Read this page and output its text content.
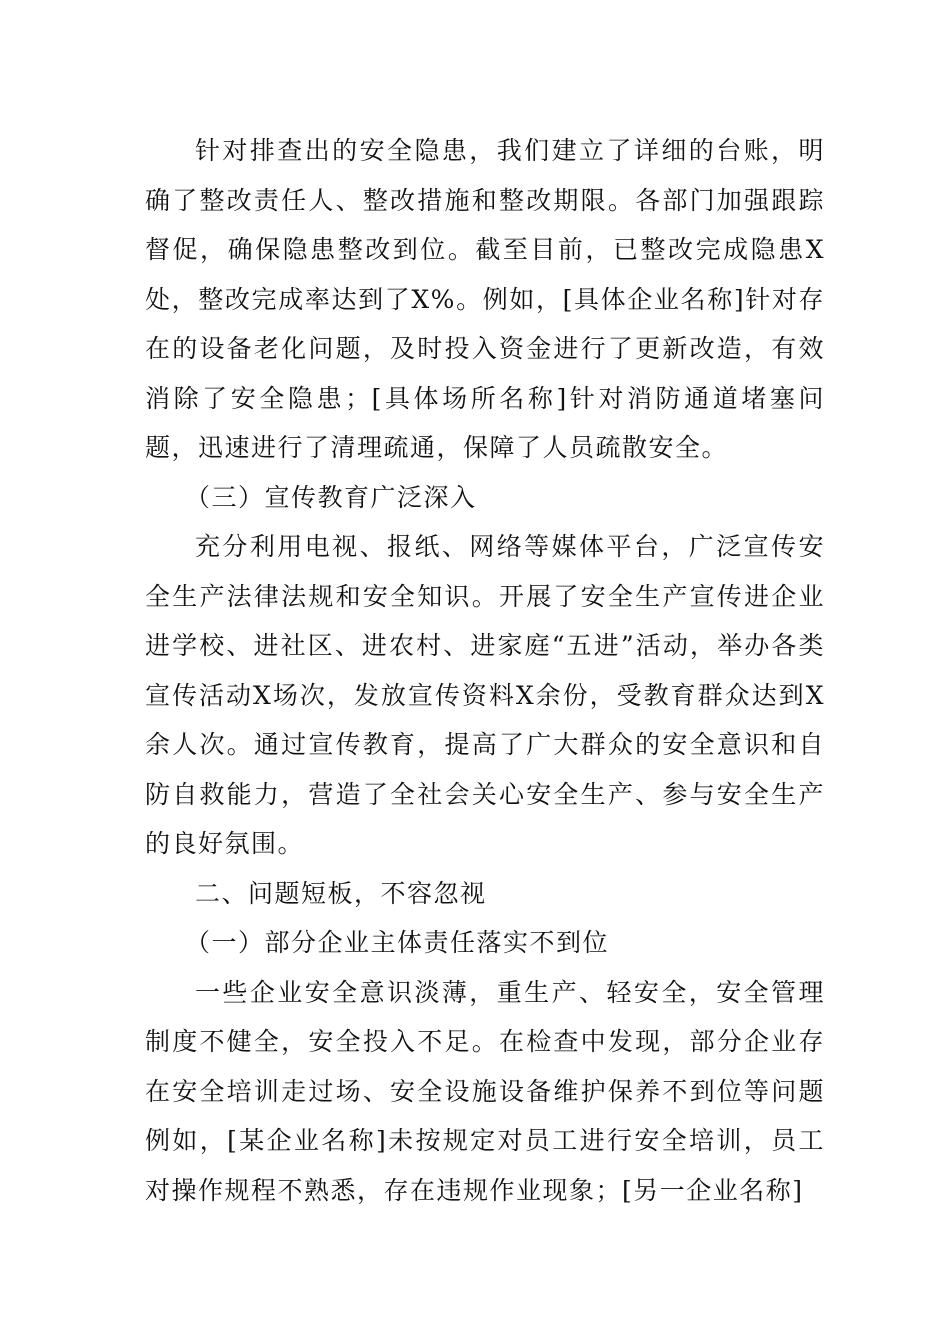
针对排查出的安全隐患，我们建立了详细的台账，明确了整改责任人、整改措施和整改期限。各部门加强跟踪督促，确保隐患整改到位。截至目前，已整改完成隐患X处，整改完成率达到了X%。例如，[具体企业名称]针对存在的设备老化问题，及时投入资金进行了更新改造，有效消除了安全隐患；[具体场所名称]针对消防通道堵塞问题，迅速进行了清理疏通，保障了人员疏散安全。

（三）宣传教育广泛深入

充分利用电视、报纸、网络等媒体平台，广泛宣传安全生产法律法规和安全知识。开展了安全生产宣传进企业进学校、进社区、进农村、进家庭“五进”活动，举办各类宣传活动X场次，发放宣传资料X余份，受教育群众达到X余人次。通过宣传教育，提高了广大群众的安全意识和自防自救能力，营造了全社会关心安全生产、参与安全生产的良好氛围。

二、问题短板，不容忽视

（一）部分企业主体责任落实不到位

一些企业安全意识淡薄，重生产、轻安全，安全管理制度不健全，安全投入不足。在检查中发现，部分企业存在安全培训走过场、安全设施设备维护保养不到位等问题例如，[某企业名称]未按规定对员工进行安全培训，员工对操作规程不熟悉，存在违规作业现象；[另一企业名称]
